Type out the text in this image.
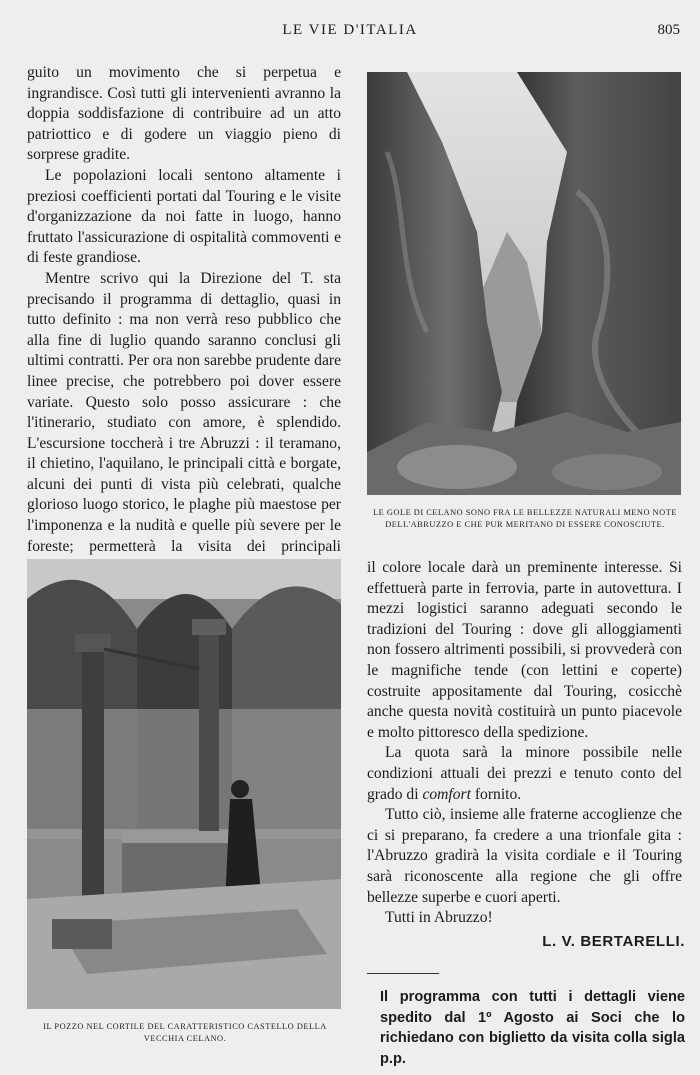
LE VIE D'ITALIA	805

guito un movimento che si perpetua e ingrandisce. Così tutti gli intervenienti avranno la doppia soddisfazione di contribuire ad un atto patriottico e di godere un viaggio pieno di sorprese gradite.

Le popolazioni locali sentono altamente i preziosi coefficienti portati dal Touring e le visite d'organizzazione da noi fatte in luogo, hanno fruttato l'assicurazione di ospitalità commoventi e di feste grandiose.

Mentre scrivo qui la Direzione del T. sta precisando il programma di dettaglio, quasi in tutto definito : ma non verrà reso pubblico che alla fine di luglio quando saranno conclusi gli ultimi contratti. Per ora non sarebbe prudente dare linee precise, che potrebbero poi dover essere variate. Questo solo posso assicurare : che l'itinerario, studiato con amore, è splendido. L'escursione toccherà i tre Abruzzi : il teramano, il chietino, l'aquilano, le principali città e borgate, alcuni dei punti di vista più celebrati, qualche glorioso luogo storico, le plaghe più maestose per l'imponenza e la nudità e quelle più severe per le foreste; permetterà la visita dei principali

LE GOLE DI CELANO SONO FRA LE BELLEZZE NATURALI MENO NOTE DELL'ABRUZZO E CHE PUR MERITANO DI ESSERE CONOSCIUTE.
IL POZZO NEL CORTILE DEL CARATTERISTICO CASTELLO DELLA VECCHIA CELANO.

il colore locale darà un preminente interesse. Si effettuerà parte in ferrovia, parte in autovettura. I mezzi logistici saranno adeguati secondo le tradizioni del Touring : dove gli alloggiamenti non fossero altrimenti possibili, si provvederà con le magnifiche tende (con lettini e coperte) costruite appositamente dal Touring, cosicchè anche questa novità costituirà un punto piacevole e molto pittoresco della spedizione.

La quota sarà la minore possibile nelle condizioni attuali dei prezzi e tenuto conto del grado di comfort fornito.

Tutto ciò, insieme alle fraterne accoglienze che ci si preparano, fa credere a una trionfale gita : l'Abruzzo gradirà la visita cordiale e il Touring sarà riconoscente alla regione che gli offre bellezze superbe e cuori aperti.

Tutti in Abruzzo!

L. V. BERTARELLI.
Il programma con tutti i dettagli viene spedito dal 1º Agosto ai Soci che lo richiedano con biglietto da visita colla sigla p.p.
